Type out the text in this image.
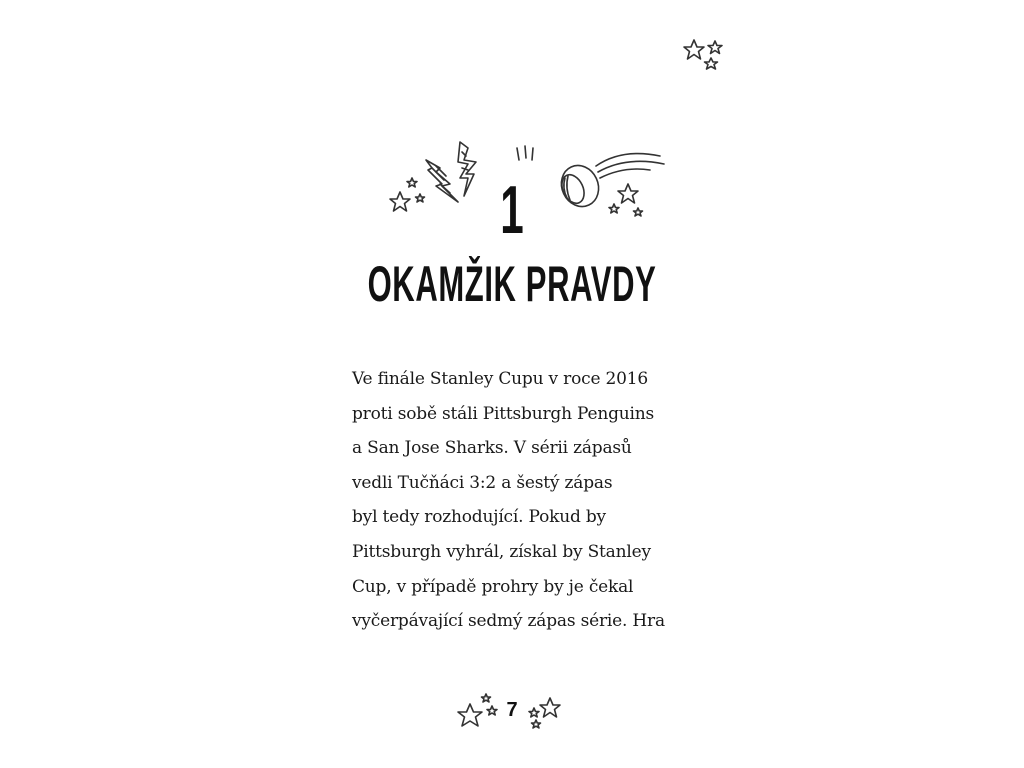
1
OKAMŽIK PRAVDY
Ve finále Stanley Cupu v roce 2016
proti sobě stáli Pittsburgh Penguins
a San Jose Sharks. V sérii zápasů
vedli Tučňáci 3:2 a šestý zápas
byl tedy rozhodující. Pokud by
Pittsburgh vyhrál, získal by Stanley
Cup, v případě prohry by je čekal
vyčerpávající sedmý zápas série. Hra
7
